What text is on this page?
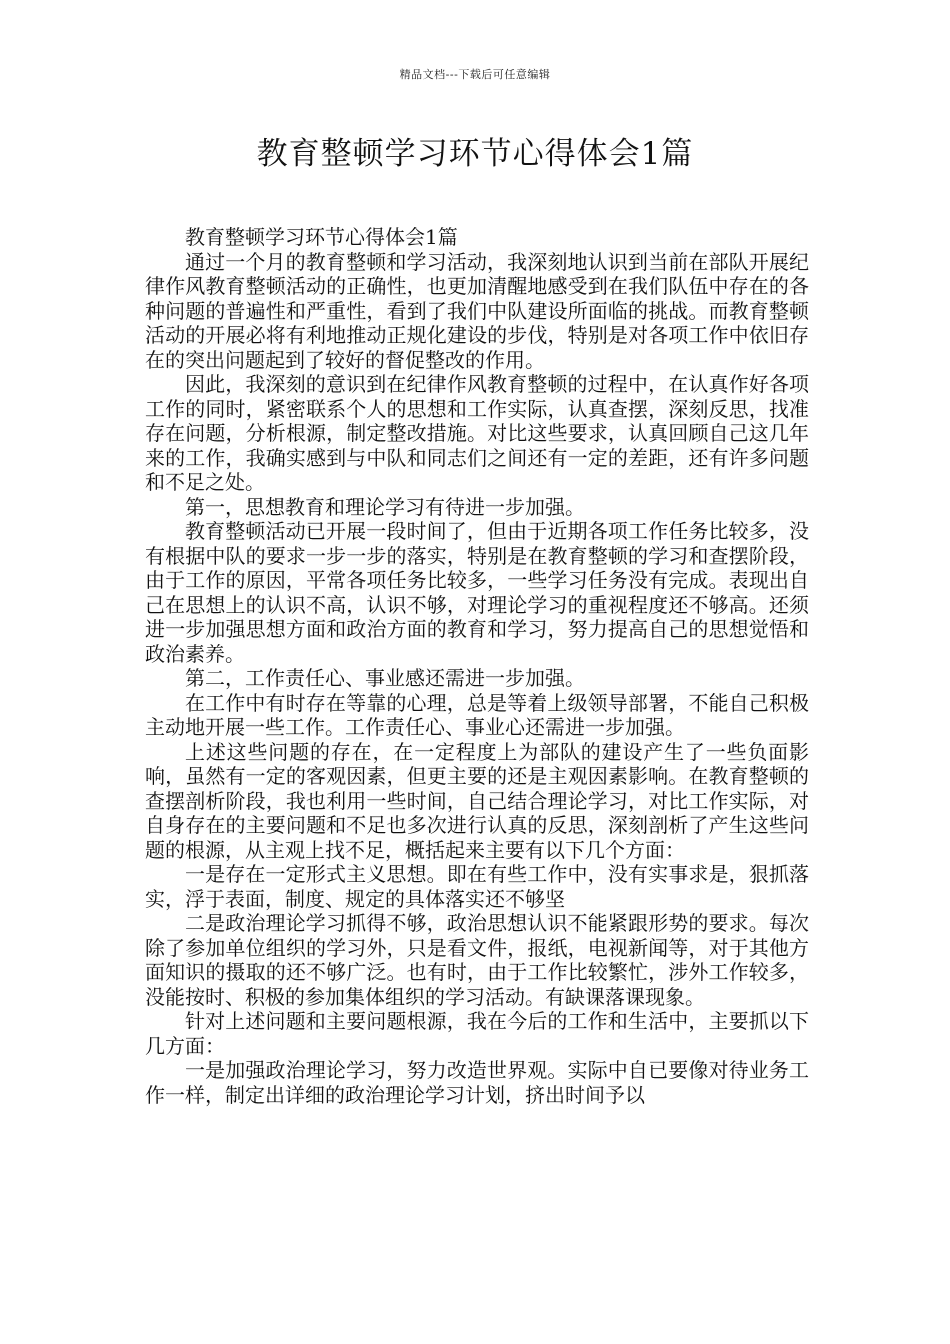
精品文档---下载后可任意编辑
教育整顿学习环节心得体会1篇

教育整顿学习环节心得体会1篇

通过一个月的教育整顿和学习活动，我深刻地认识到当前在部队开展纪律作风教育整顿活动的正确性，也更加清醒地感受到在我们队伍中存在的各种问题的普遍性和严重性，看到了我们中队建设所面临的挑战。而教育整顿活动的开展必将有利地推动正规化建设的步伐，特别是对各项工作中依旧存在的突出问题起到了较好的督促整改的作用。

因此，我深刻的意识到在纪律作风教育整顿的过程中，在认真作好各项工作的同时，紧密联系个人的思想和工作实际，认真查摆，深刻反思，找准存在问题，分析根源，制定整改措施。对比这些要求，认真回顾自己这几年来的工作，我确实感到与中队和同志们之间还有一定的差距，还有许多问题和不足之处。

第一，思想教育和理论学习有待进一步加强。

教育整顿活动已开展一段时间了，但由于近期各项工作任务比较多，没有根据中队的要求一步一步的落实，特别是在教育整顿的学习和查摆阶段，由于工作的原因，平常各项任务比较多，一些学习任务没有完成。表现出自己在思想上的认识不高，认识不够，对理论学习的重视程度还不够高。还须进一步加强思想方面和政治方面的教育和学习，努力提高自己的思想觉悟和政治素养。

第二，工作责任心、事业感还需进一步加强。

在工作中有时存在等靠的心理，总是等着上级领导部署，不能自己积极主动地开展一些工作。工作责任心、事业心还需进一步加强。

上述这些问题的存在，在一定程度上为部队的建设产生了一些负面影响，虽然有一定的客观因素，但更主要的还是主观因素影响。在教育整顿的查摆剖析阶段，我也利用一些时间，自己结合理论学习，对比工作实际，对自身存在的主要问题和不足也多次进行认真的反思，深刻剖析了产生这些问题的根源，从主观上找不足，概括起来主要有以下几个方面：

一是存在一定形式主义思想。即在有些工作中，没有实事求是，狠抓落实，浮于表面，制度、规定的具体落实还不够坚

二是政治理论学习抓得不够，政治思想认识不能紧跟形势的要求。每次除了参加单位组织的学习外，只是看文件，报纸，电视新闻等，对于其他方面知识的摄取的还不够广泛。也有时，由于工作比较繁忙，涉外工作较多，没能按时、积极的参加集体组织的学习活动。有缺课落课现象。

针对上述问题和主要问题根源，我在今后的工作和生活中，主要抓以下几方面：

一是加强政治理论学习，努力改造世界观。实际中自已要像对待业务工作一样，制定出详细的政治理论学习计划，挤出时间予以
